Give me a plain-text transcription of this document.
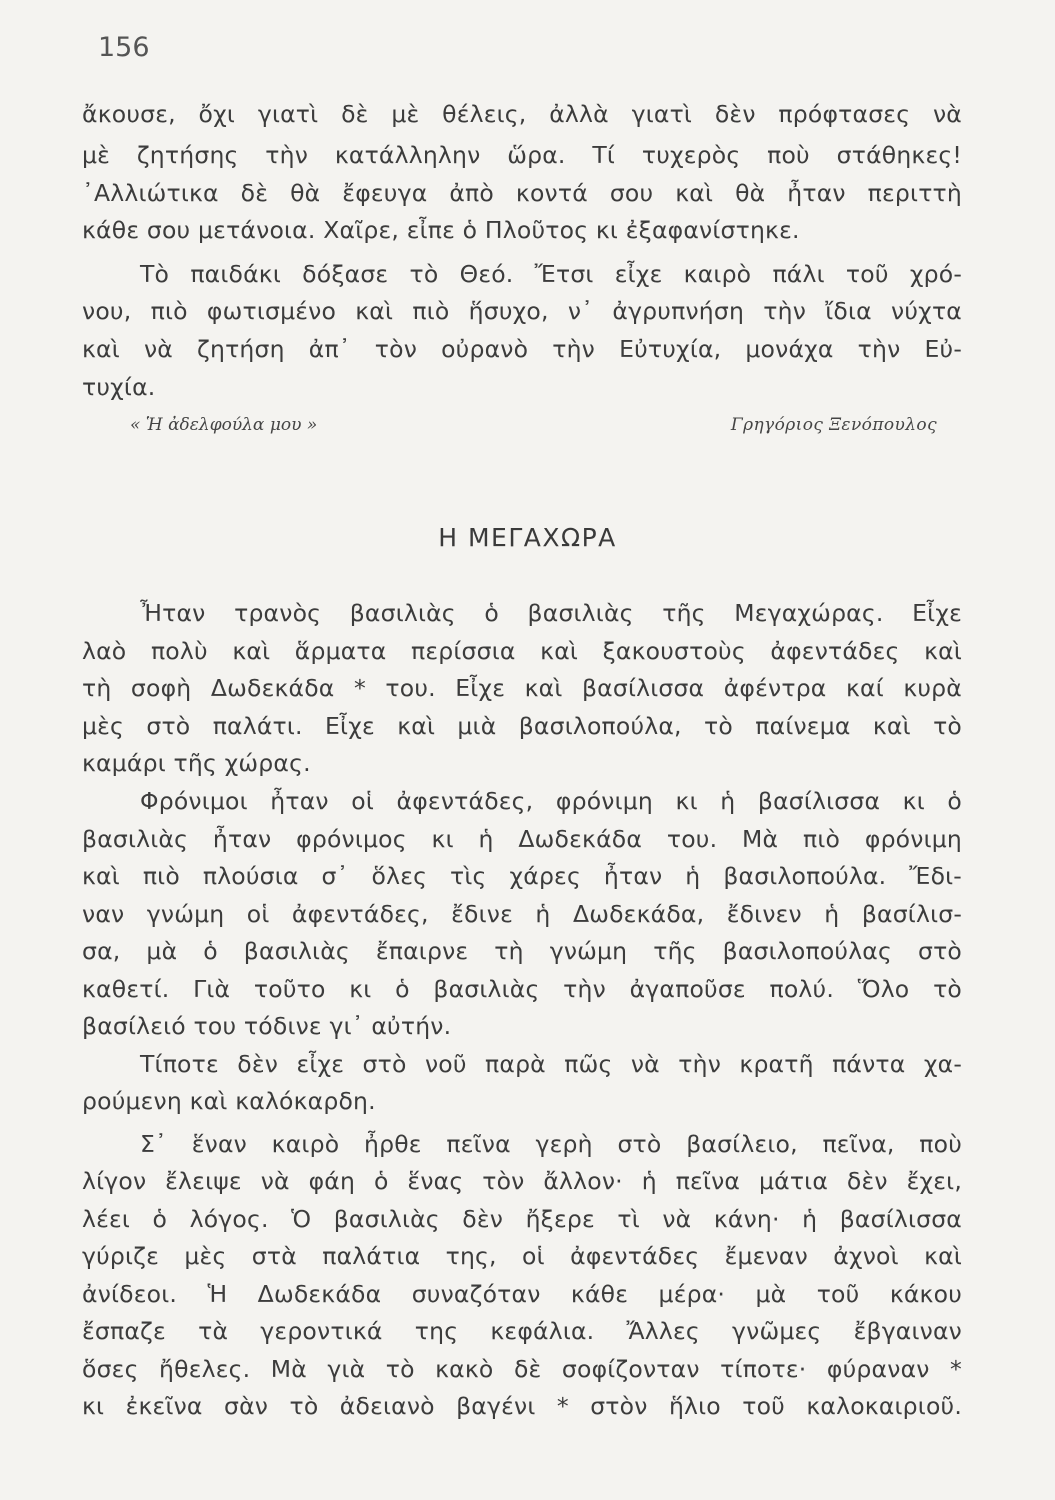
156
ἄκουσε, ὄχι γιατὶ δὲ μὲ θέλεις, ἀλλὰ γιατὶ δὲν πρόφτασες νὰ
μὲ ζητήσης τὴν κατάλληλην ὥρα. Τί τυχερὸς ποὺ στάθηκες!
᾿Αλλιώτικα δὲ θὰ ἔφευγα ἀπὸ κοντά σου καὶ θὰ ἦταν περιττὴ
κάθε σου μετάνοια. Χαῖρε, εἶπε ὁ Πλοῦτος κι ἐξαφανίστηκε.
Τὸ παιδάκι δόξασε τὸ Θεό. Ἔτσι εἶχε καιρὸ πάλι τοῦ χρό-
νου, πιὸ φωτισμένο καὶ πιὸ ἥσυχο, ν᾿ ἀγρυπνήση τὴν ἴδια νύχτα
καὶ νὰ ζητήση ἀπ᾿ τὸν οὐρανὸ τὴν Εὐτυχία, μονάχα τὴν Εὐ-
τυχία.
« Ἡ ἀδελφούλα μου »	Γρηγόριος Ξενόπουλος
Η ΜΕΓΑΧΩΡΑ
Ἦταν τρανὸς βασιλιὰς ὁ βασιλιὰς τῆς Μεγαχώρας. Εἶχε
λαὸ πολὺ καὶ ἅρματα περίσσια καὶ ξακουστοὺς ἀφεντάδες καὶ
τὴ σοφὴ Δωδεκάδα * του. Εἶχε καὶ βασίλισσα ἀφέντρα καί κυρὰ
μὲς στὸ παλάτι. Εἶχε καὶ μιὰ βασιλοπούλα, τὸ παίνεμα καὶ τὸ
καμάρι τῆς χώρας.
Φρόνιμοι ἦταν οἱ ἀφεντάδες, φρόνιμη κι ἡ βασίλισσα κι ὁ
βασιλιὰς ἦταν φρόνιμος κι ἡ Δωδεκάδα του. Μὰ πιὸ φρόνιμη
καὶ πιὸ πλούσια σ᾿ ὅλες τὶς χάρες ἦταν ἡ βασιλοπούλα. Ἔδι-
ναν γνώμη οἱ ἀφεντάδες, ἔδινε ἡ Δωδεκάδα, ἔδινεν ἡ βασίλισ-
σα, μὰ ὁ βασιλιὰς ἔπαιρνε τὴ γνώμη τῆς βασιλοπούλας στὸ
καθετί. Γιὰ τοῦτο κι ὁ βασιλιὰς τὴν ἀγαποῦσε πολύ. Ὅλο τὸ
βασίλειό του τόδινε γι᾿ αὐτήν.
Τίποτε δὲν εἶχε στὸ νοῦ παρὰ πῶς νὰ τὴν κρατῆ πάντα χα-
ρούμενη καὶ καλόκαρδη.
Σ᾿ ἕναν καιρὸ ἦρθε πεῖνα γερὴ στὸ βασίλειο, πεῖνα, ποὺ
λίγον ἔλειψε νὰ φάη ὁ ἕνας τὸν ἄλλον· ἡ πεῖνα μάτια δὲν ἔχει,
λέει ὁ λόγος. Ὁ βασιλιὰς δὲν ἤξερε τὶ νὰ κάνη· ἡ βασίλισσα
γύριζε μὲς στὰ παλάτια της, οἱ ἀφεντάδες ἔμεναν ἀχνοὶ καὶ
ἀνίδεοι. Ἡ Δωδεκάδα συναζόταν κάθε μέρα· μὰ τοῦ κάκου
ἔσπαζε τὰ γεροντικά της κεφάλια. Ἄλλες γνῶμες ἔβγαιναν
ὅσες ἤθελες. Μὰ γιὰ τὸ κακὸ δὲ σοφίζονταν τίποτε· φύραναν *
κι ἐκεῖνα σὰν τὸ ἀδειανὸ βαγένι * στὸν ἥλιο τοῦ καλοκαιριοῦ.
